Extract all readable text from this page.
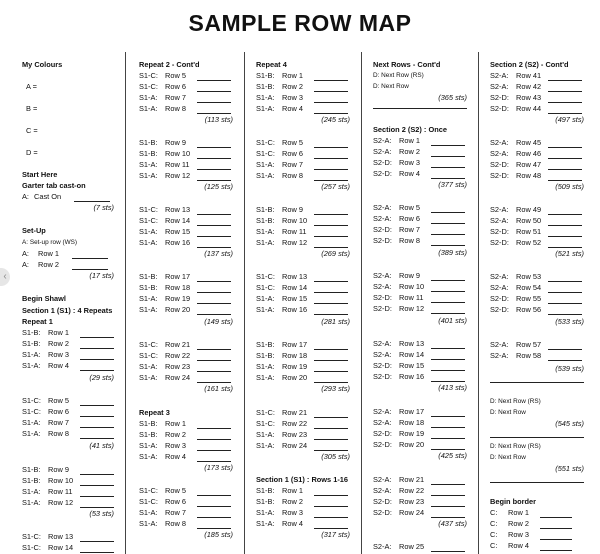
SAMPLE ROW MAP
‹
My Colours
A =
B =
C =
D =
Start Here
Garter tab cast-on
A: Cast On
(7 sts)
Set-Up
A: Set-up row (WS)
A: Row 1
A: Row 2
(17 sts)
Begin Shawl
Section 1 (S1) : 4 Repeats
Repeat 1
S1-B: Row 1
S1-B: Row 2
S1-A: Row 3
S1-A: Row 4
(29 sts)
S1-C: Row 5
S1-C: Row 6
S1-A: Row 7
S1-A: Row 8
(41 sts)
S1-B: Row 9
S1-B: Row 10
S1-A: Row 11
S1-A: Row 12
(53 sts)
S1-C: Row 13
S1-C: Row 14
Repeat 2 - Cont'd
S1-C: Row 5
S1-C: Row 6
S1-A: Row 7
S1-A: Row 8
(113 sts)
S1-B: Row 9
S1-B: Row 10
S1-A: Row 11
S1-A: Row 12
(125 sts)
S1-C: Row 13
S1-C: Row 14
S1-A: Row 15
S1-A: Row 16
(137 sts)
S1-B: Row 17
S1-B: Row 18
S1-A: Row 19
S1-A: Row 20
(149 sts)
S1-C: Row 21
S1-C: Row 22
S1-A: Row 23
S1-A: Row 24
(161 sts)
Repeat 3
S1-B: Row 1
S1-B: Row 2
S1-A: Row 3
S1-A: Row 4
(173 sts)
S1-C: Row 5
S1-C: Row 6
S1-A: Row 7
S1-A: Row 8
(185 sts)
Repeat 4
S1-B: Row 1
S1-B: Row 2
S1-A: Row 3
S1-A: Row 4
(245 sts)
S1-C: Row 5
S1-C: Row 6
S1-A: Row 7
S1-A: Row 8
(257 sts)
S1-B: Row 9
S1-B: Row 10
S1-A: Row 11
S1-A: Row 12
(269 sts)
S1-C: Row 13
S1-C: Row 14
S1-A: Row 15
S1-A: Row 16
(281 sts)
S1-B: Row 17
S1-B: Row 18
S1-A: Row 19
S1-A: Row 20
(293 sts)
S1-C: Row 21
S1-C: Row 22
S1-A: Row 23
S1-A: Row 24
(305 sts)
Section 1 (S1) : Rows 1-16
S1-B: Row 1
S1-B: Row 2
S1-A: Row 3
S1-A: Row 4
(317 sts)
Next Rows - Cont'd
D: Next Row (RS)
D: Next Row
(365 sts)
Section 2 (S2) : Once
S2-A: Row 1
S2-A: Row 2
S2-D: Row 3
S2-D: Row 4
(377 sts)
S2-A: Row 5
S2-A: Row 6
S2-D: Row 7
S2-D: Row 8
(389 sts)
S2-A: Row 9
S2-A: Row 10
S2-D: Row 11
S2-D: Row 12
(401 sts)
S2-A: Row 13
S2-A: Row 14
S2-D: Row 15
S2-D: Row 16
(413 sts)
S2-A: Row 17
S2-A: Row 18
S2-D: Row 19
S2-D: Row 20
(425 sts)
S2-A: Row 21
S2-A: Row 22
S2-D: Row 23
S2-D: Row 24
(437 sts)
S2-A: Row 25
Section 2 (S2) - Cont'd
S2-A: Row 41
S2-A: Row 42
S2-D: Row 43
S2-D: Row 44
(497 sts)
S2-A: Row 45
S2-A: Row 46
S2-D: Row 47
S2-D: Row 48
(509 sts)
S2-A: Row 49
S2-A: Row 50
S2-D: Row 51
S2-D: Row 52
(521 sts)
S2-A: Row 53
S2-A: Row 54
S2-D: Row 55
S2-D: Row 56
(533 sts)
S2-A: Row 57
S2-A: Row 58
(539 sts)
D: Next Row (RS)
D: Next Row
(545 sts)
D: Next Row (RS)
D: Next Row
(551 sts)
Begin border
C: Row 1
C: Row 2
C: Row 3
C: Row 4
